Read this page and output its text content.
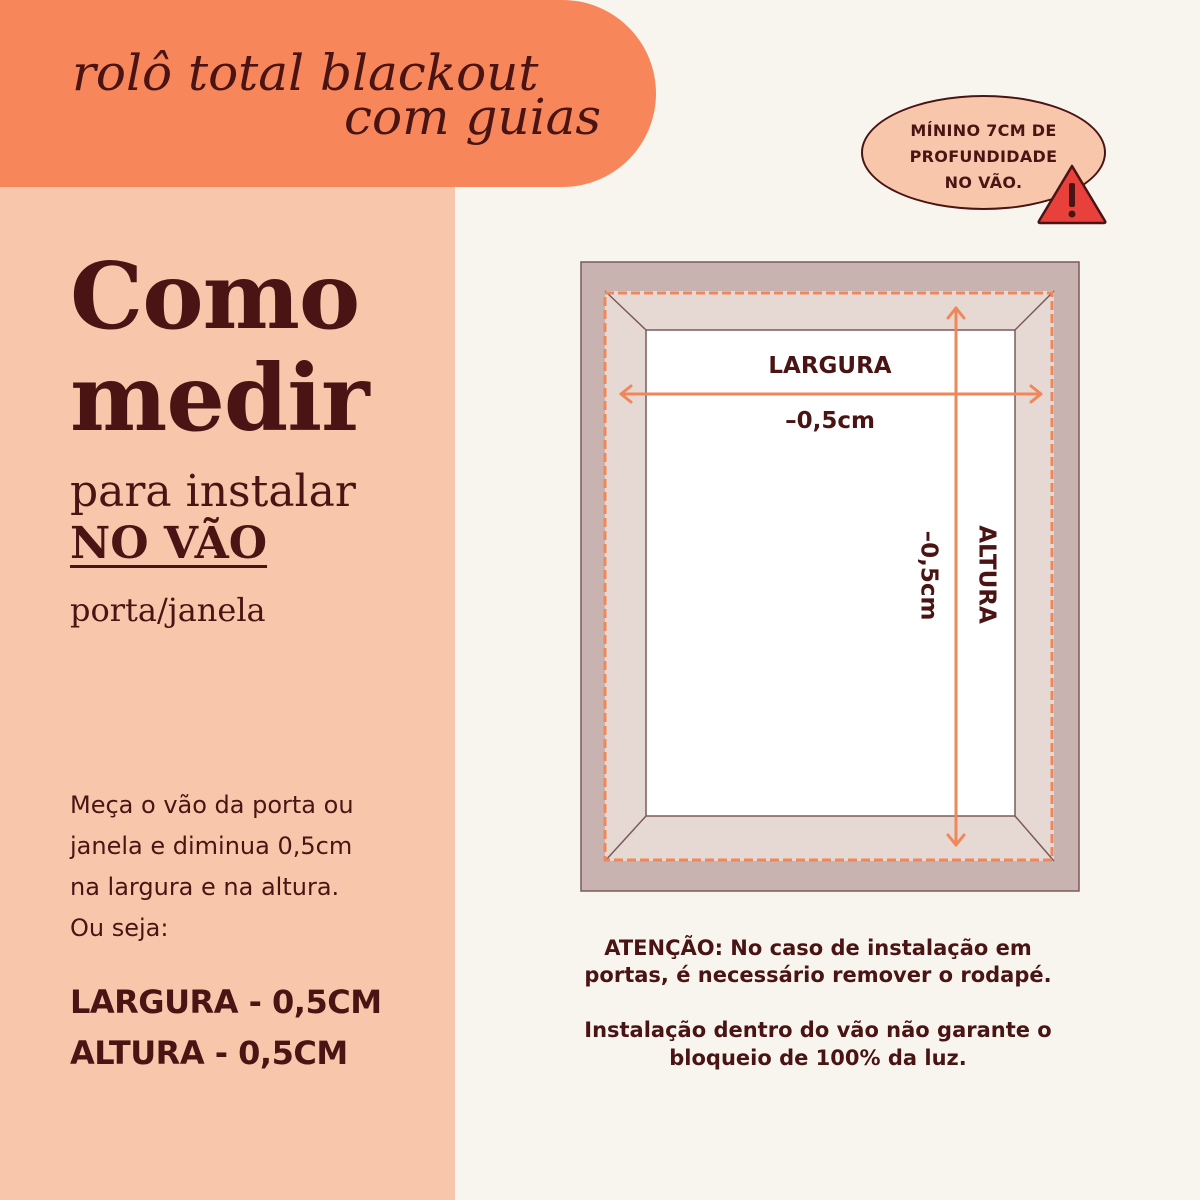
rolô total blackout
com guias
Como
medir
para instalar
NO VÃO
porta/janela
Meça o vão da porta ou
janela e diminua 0,5cm
na largura e na altura.
Ou seja:
LARGURA - 0,5CM
ALTURA - 0,5CM
MÍNINO 7CM DE
PROFUNDIDADE
NO VÃO.
LARGURA
–0,5cm
ALTURA
–0,5cm
ATENÇÃO: No caso de instalação em
portas, é necessário remover o rodapé.
Instalação dentro do vão não garante o
bloqueio de 100% da luz.
